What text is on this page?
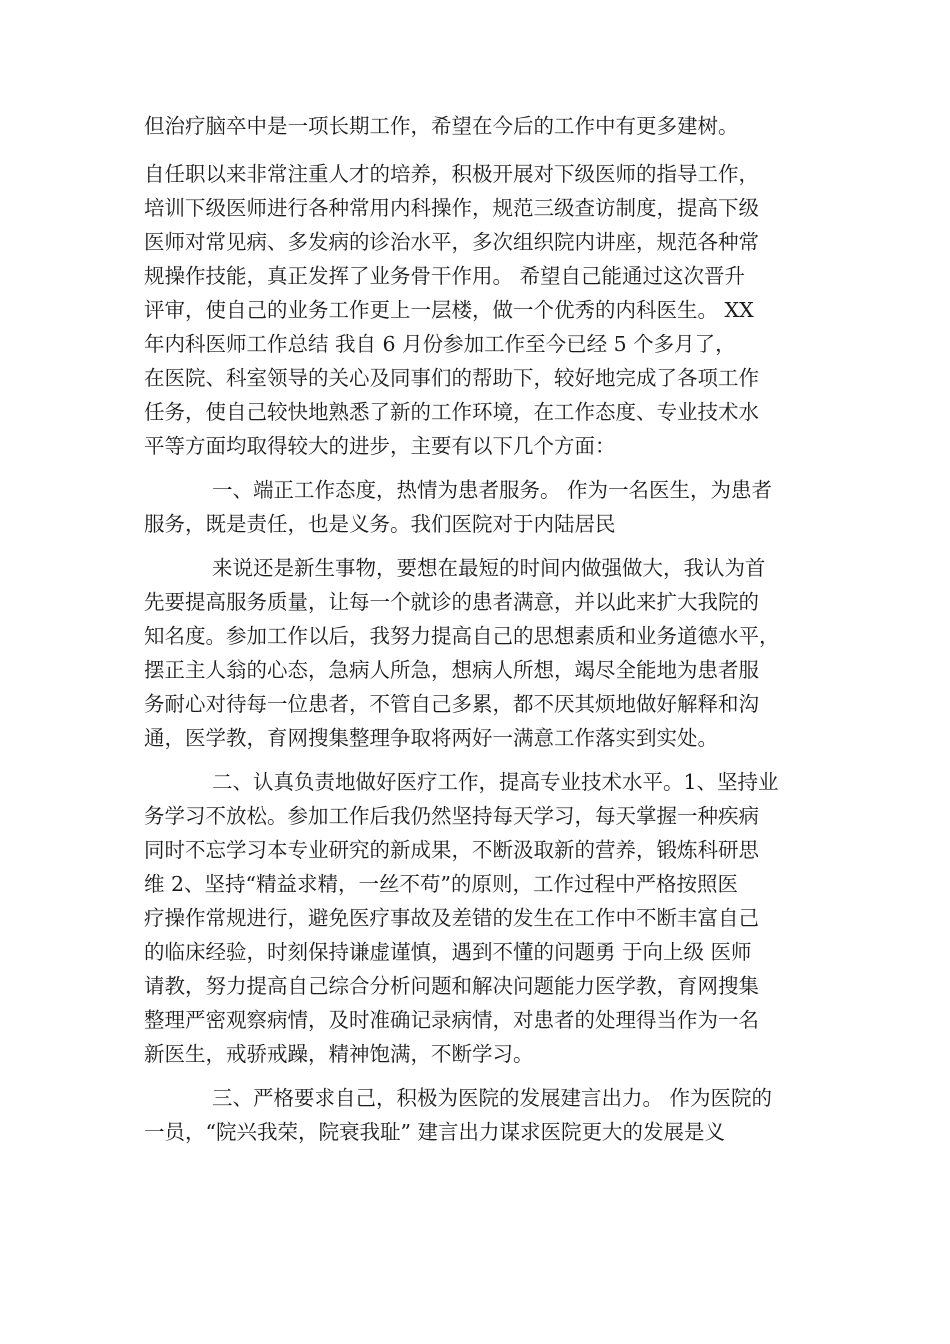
但治疗脑卒中是一项长期工作，希望在今后的工作中有更多建树。
自任职以来非常注重人才的培养，积极开展对下级医师的指导工作，
培训下级医师进行各种常用内科操作，规范三级查访制度，提高下级
医师对常见病、多发病的诊治水平，多次组织院内讲座，规范各种常
规操作技能，真正发挥了业务骨干作用。 希望自己能通过这次晋升
评审，使自己的业务工作更上一层楼，做一个优秀的内科医生。 XX
年内科医师工作总结 我自 6 月份参加工作至今已经 5 个多月了，
在医院、科室领导的关心及同事们的帮助下，较好地完成了各项工作
任务，使自己较快地熟悉了新的工作环境，在工作态度、专业技术水
平等方面均取得较大的进步，主要有以下几个方面：
一、端正工作态度，热情为患者服务。 作为一名医生，为患者
服务，既是责任，也是义务。我们医院对于内陆居民
来说还是新生事物，要想在最短的时间内做强做大，我认为首
先要提高服务质量，让每一个就诊的患者满意，并以此来扩大我院的
知名度。参加工作以后，我努力提高自己的思想素质和业务道德水平，
摆正主人翁的心态，急病人所急，想病人所想，竭尽全能地为患者服
务耐心对待每一位患者，不管自己多累，都不厌其烦地做好解释和沟
通，医学教，育网搜集整理争取将两好一满意工作落实到实处。
二、认真负责地做好医疗工作，提高专业技术水平。1、坚持业
务学习不放松。参加工作后我仍然坚持每天学习，每天掌握一种疾病
同时不忘学习本专业研究的新成果，不断汲取新的营养，锻炼科研思
维 2、坚持“精益求精，一丝不苟”的原则，工作过程中严格按照医
疗操作常规进行，避免医疗事故及差错的发生在工作中不断丰富自己
的临床经验，时刻保持谦虚谨慎，遇到不懂的问题勇 于向上级 医师
请教，努力提高自己综合分析问题和解决问题能力医学教，育网搜集
整理严密观察病情，及时准确记录病情，对患者的处理得当作为一名
新医生，戒骄戒躁，精神饱满，不断学习。
三、严格要求自己，积极为医院的发展建言出力。 作为医院的
一员，“院兴我荣，院衰我耻” 建言出力谋求医院更大的发展是义
